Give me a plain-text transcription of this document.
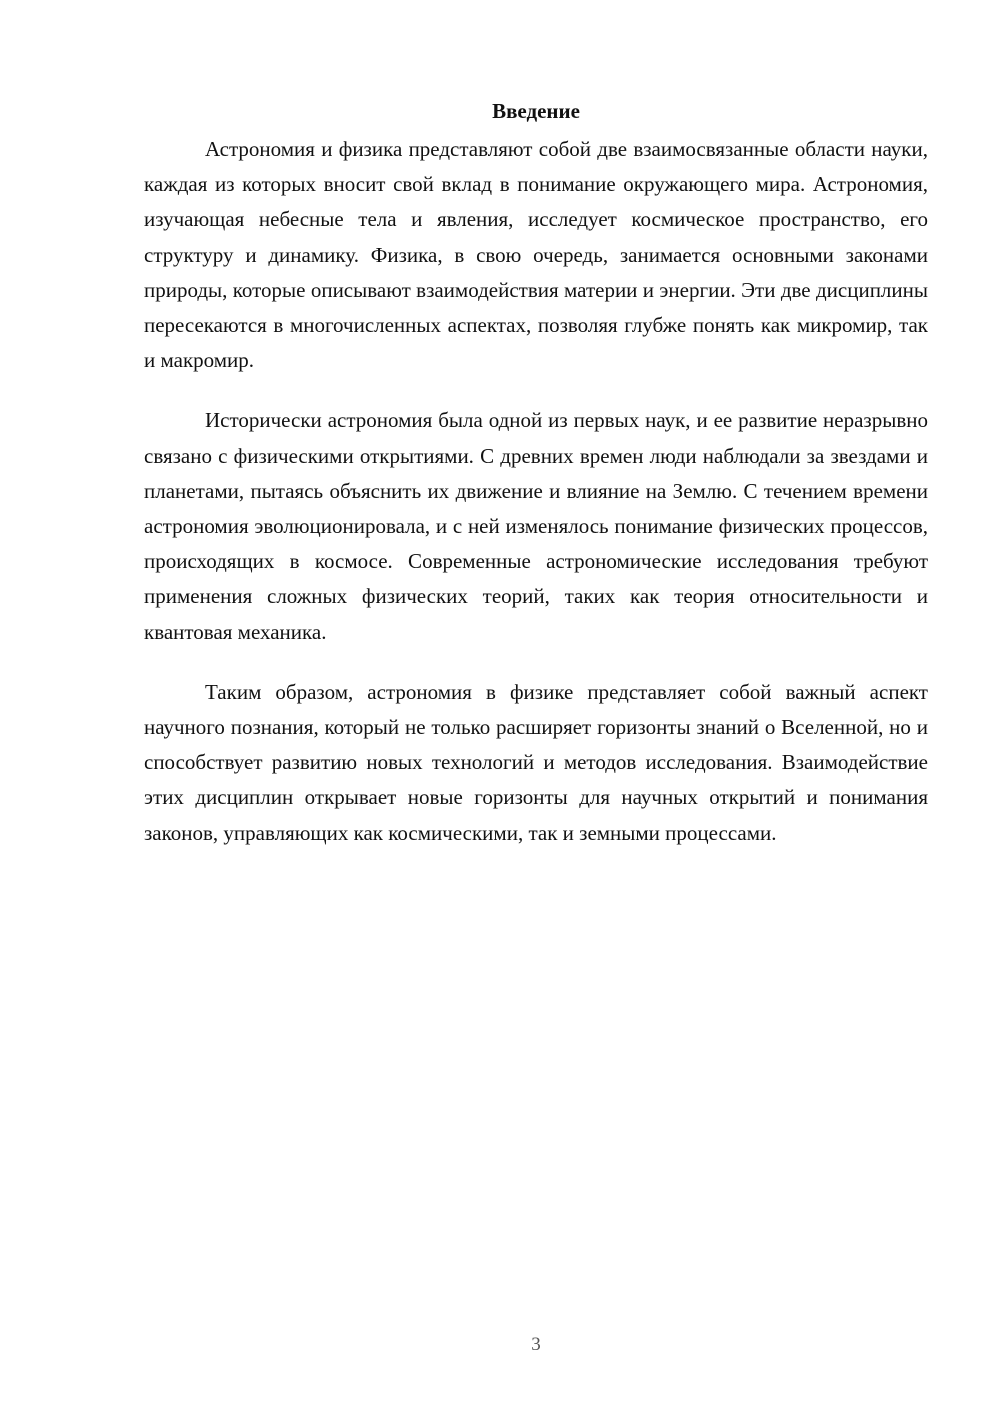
Введение

Астрономия и физика представляют собой две взаимосвязанные области науки, каждая из которых вносит свой вклад в понимание окружающего мира. Астрономия, изучающая небесные тела и явления, исследует космическое пространство, его структуру и динамику. Физика, в свою очередь, занимается основными законами природы, которые описывают взаимодействия материи и энергии. Эти две дисциплины пересекаются в многочисленных аспектах, позволяя глубже понять как микромир, так и макромир.

Исторически астрономия была одной из первых наук, и ее развитие неразрывно связано с физическими открытиями. С древних времен люди наблюдали за звездами и планетами, пытаясь объяснить их движение и влияние на Землю. С течением времени астрономия эволюционировала, и с ней изменялось понимание физических процессов, происходящих в космосе. Современные астрономические исследования требуют применения сложных физических теорий, таких как теория относительности и квантовая механика.

Таким образом, астрономия в физике представляет собой важный аспект научного познания, который не только расширяет горизонты знаний о Вселенной, но и способствует развитию новых технологий и методов исследования. Взаимодействие этих дисциплин открывает новые горизонты для научных открытий и понимания законов, управляющих как космическими, так и земными процессами.

3
